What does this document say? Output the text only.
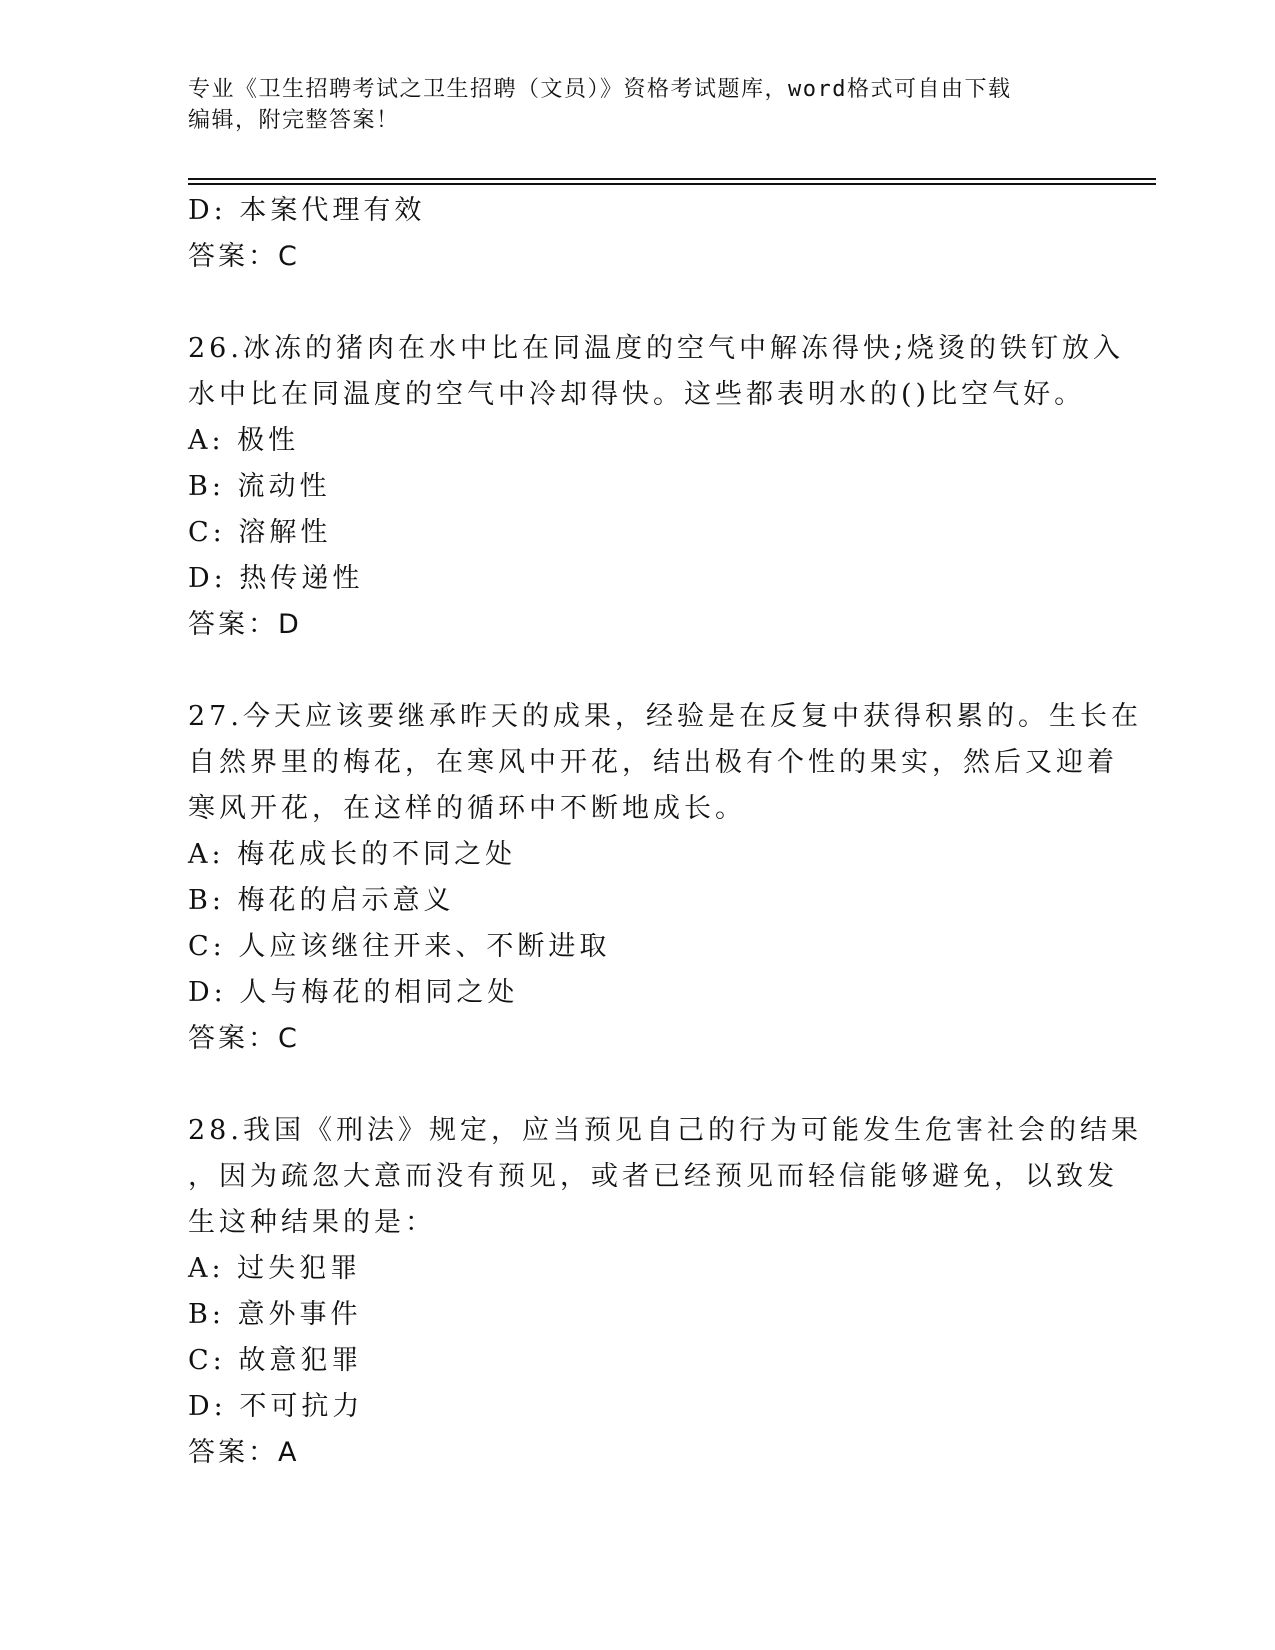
专业《卫生招聘考试之卫生招聘（文员）》资格考试题库，word格式可自由下载
编辑，附完整答案！
D: 本案代理有效
答案：C
26.冰冻的猪肉在水中比在同温度的空气中解冻得快;烧烫的铁钉放入
水中比在同温度的空气中冷却得快。这些都表明水的()比空气好。
A: 极性
B: 流动性
C: 溶解性
D: 热传递性
答案：D
27.今天应该要继承昨天的成果，经验是在反复中获得积累的。生长在
自然界里的梅花，在寒风中开花，结出极有个性的果实，然后又迎着
寒风开花，在这样的循环中不断地成长。
A: 梅花成长的不同之处
B: 梅花的启示意义
C: 人应该继往开来、不断进取
D: 人与梅花的相同之处
答案：C
28.我国《刑法》规定，应当预见自己的行为可能发生危害社会的结果
，因为疏忽大意而没有预见，或者已经预见而轻信能够避免，以致发
生这种结果的是：
A: 过失犯罪
B: 意外事件
C: 故意犯罪
D: 不可抗力
答案：A
